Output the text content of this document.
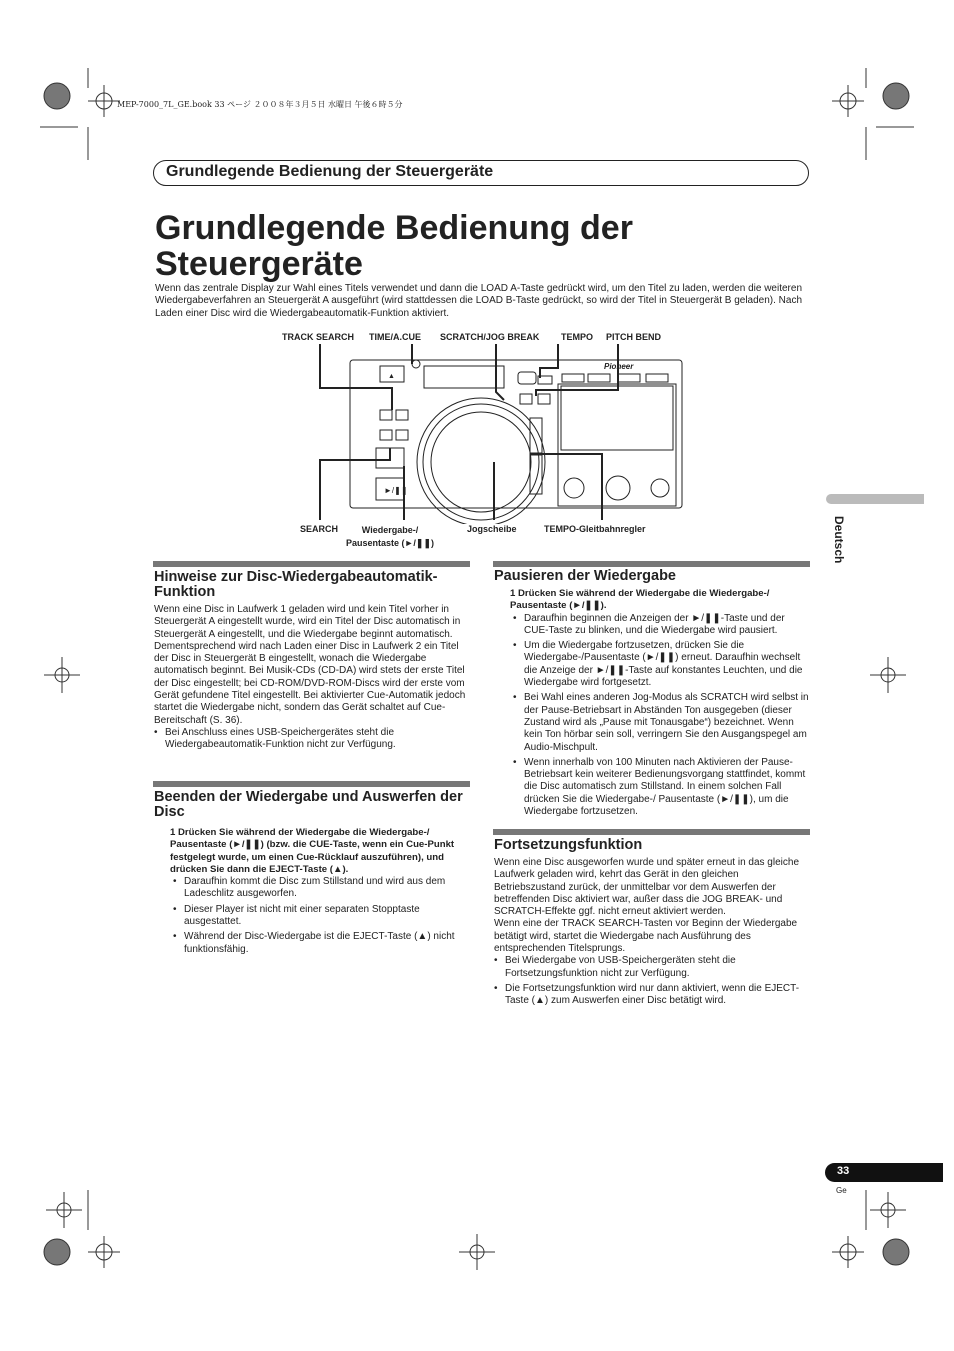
MEP-7000_7L_GE.book 33 ページ ２００８年３月５日 水曜日 午後６時５分
Grundlegende Bedienung der Steuergeräte
Grundlegende Bedienung der Steuergeräte

Wenn das zentrale Display zur Wahl eines Titels verwendet und dann die LOAD A-Taste gedrückt wird, um den Titel zu laden, werden die weiteren Wiedergabeverfahren an Steuergerät A ausgeführt (wird stattdessen die LOAD B-Taste gedrückt, so wird der Titel in Steuergerät B geladen). Nach Laden einer Disc wird die Wiedergabeautomatik-Funktion aktiviert.

TRACK SEARCH TIME/A.CUE SCRATCH/JOG BREAK TEMPO PITCH BEND
▲
►/❚❚
Pioneer
SEARCH	Wiedergabe-/
Pausentaste (►/❚❚)
Jogscheibe	TEMPO-Gleitbahnregler
Hinweise zur Disc-Wiedergabeautomatik-Funktion

Wenn eine Disc in Laufwerk 1 geladen wird und kein Titel vorher in Steuergerät A eingestellt wurde, wird ein Titel der Disc automatisch in Steuergerät A eingestellt, und die Wiedergabe beginnt automatisch.

Dementsprechend wird nach Laden einer Disc in Laufwerk 2 ein Titel der Disc in Steuergerät B eingestellt, wonach die Wiedergabe automatisch beginnt. Bei Musik-CDs (CD-DA) wird stets der erste Titel der Disc eingestellt; bei CD-ROM/DVD-ROM-Discs wird der erste vom Gerät gefundene Titel eingestellt. Bei aktivierter Cue-Automatik jedoch startet die Wiedergabe nicht, sondern das Gerät schaltet auf Cue-Bereitschaft (S. 36).

• Bei Anschluss eines USB-Speichergerätes steht die Wiedergabeautomatik-Funktion nicht zur Verfügung.

Beenden der Wiedergabe und Auswerfen der Disc

1 Drücken Sie während der Wiedergabe die Wiedergabe-/ Pausentaste (►/❚❚) (bzw. die CUE-Taste, wenn ein Cue-Punkt festgelegt wurde, um einen Cue-Rücklauf auszuführen), und drücken Sie dann die EJECT-Taste (▲).

• Daraufhin kommt die Disc zum Stillstand und wird aus dem Ladeschlitz ausgeworfen.

• Dieser Player ist nicht mit einer separaten Stopptaste ausgestattet.

• Während der Disc-Wiedergabe ist die EJECT-Taste (▲) nicht funktionsfähig.

Pausieren der Wiedergabe

1 Drücken Sie während der Wiedergabe die Wiedergabe-/ Pausentaste (►/❚❚).

• Daraufhin beginnen die Anzeigen der ►/❚❚-Taste und der CUE-Taste zu blinken, und die Wiedergabe wird pausiert.

• Um die Wiedergabe fortzusetzen, drücken Sie die Wiedergabe-/Pausentaste (►/❚❚) erneut. Daraufhin wechselt die Anzeige der ►/❚❚-Taste auf konstantes Leuchten, und die Wiedergabe wird fortgesetzt.

• Bei Wahl eines anderen Jog-Modus als SCRATCH wird selbst in der Pause-Betriebsart in Abständen Ton ausgegeben (dieser Zustand wird als „Pause mit Tonausgabe“) bezeichnet. Wenn kein Ton hörbar sein soll, verringern Sie den Ausgangspegel am Audio-Mischpult.

• Wenn innerhalb von 100 Minuten nach Aktivieren der Pause-Betriebsart kein weiterer Bedienungsvorgang stattfindet, kommt die Disc automatisch zum Stillstand. In einem solchen Fall drücken Sie die Wiedergabe-/ Pausentaste (►/❚❚), um die Wiedergabe fortzusetzen.

Fortsetzungsfunktion

Wenn eine Disc ausgeworfen wurde und später erneut in das gleiche Laufwerk geladen wird, kehrt das Gerät in den gleichen Betriebszustand zurück, der unmittelbar vor dem Auswerfen der betreffenden Disc aktiviert war, außer dass die JOG BREAK- und SCRATCH-Effekte ggf. nicht erneut aktiviert werden.

Wenn eine der TRACK SEARCH-Tasten vor Beginn der Wiedergabe betätigt wird, startet die Wiedergabe nach Ausführung des entsprechenden Titelsprungs.

• Bei Wiedergabe von USB-Speichergeräten steht die Fortsetzungsfunktion nicht zur Verfügung.

• Die Fortsetzungsfunktion wird nur dann aktiviert, wenn die EJECT-Taste (▲) zum Auswerfen einer Disc betätigt wird.

Deutsch
33
Ge
